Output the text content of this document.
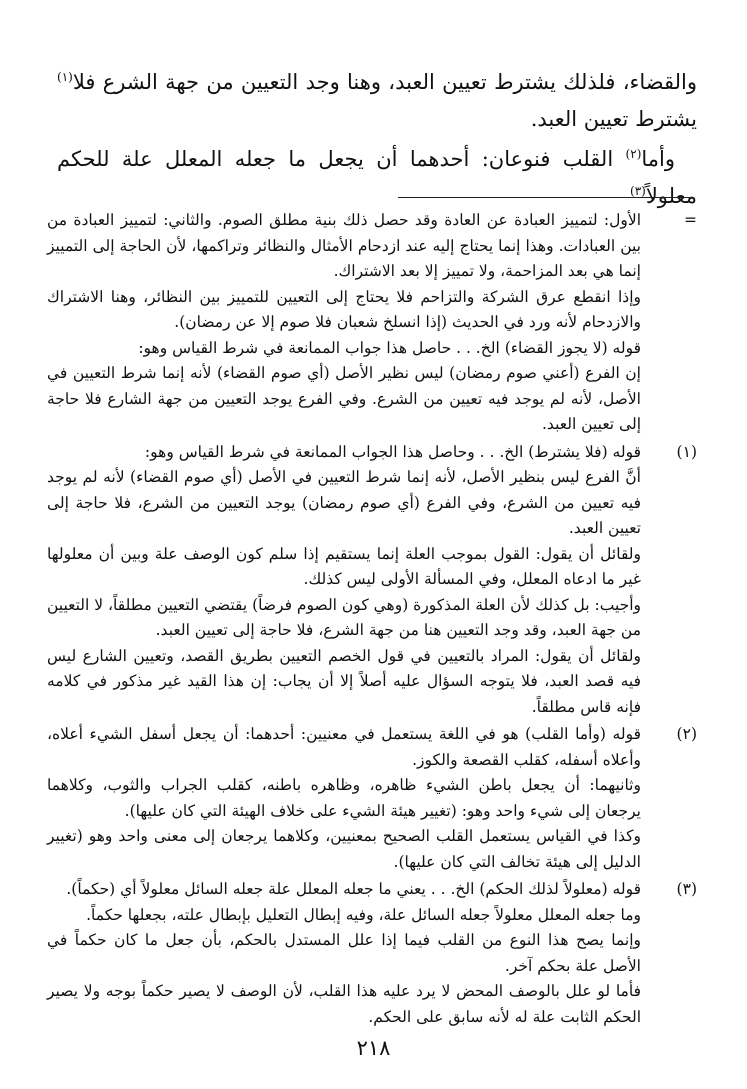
والقضاء، فلذلك يشترط تعيين العبد، وهنا وجد التعيين من جهة الشرع فلا$^{(١)}$ يشترط تعيين العبد.

وأما$^{(٢)}$ القلب فنوعان: أحدهما أن يجعل ما جعله المعلل علة للحكم معلولاً$^{(٣)}$

=

الأول: لتمييز العبادة عن العادة وقد حصل ذلك بنية مطلق الصوم. والثاني: لتمييز العبادة من بين العبادات. وهذا إنما يحتاج إليه عند ازدحام الأمثال والنظائر وتراكمها، لأن الحاجة إلى التمييز إنما هي بعد المزاحمة، ولا تمييز إلا بعد الاشتراك.

وإذا انقطع عرق الشركة والتزاحم فلا يحتاج إلى التعيين للتمييز بين النظائر، وهنا الاشتراك والازدحام لأنه ورد في الحديث (إذا انسلخ شعبان فلا صوم إلا عن رمضان).

قوله (لا يجوز القضاء) الخ. . . حاصل هذا جواب الممانعة في شرط القياس وهو:

إن الفرع (أعني صوم رمضان) ليس نظير الأصل (أي صوم القضاء) لأنه إنما شرط التعيين في الأصل، لأنه لم يوجد فيه تعيين من الشرع. وفي الفرع يوجد التعيين من جهة الشارع فلا حاجة إلى تعيين العبد.

(١)

قوله (فلا يشترط) الخ. . . وحاصل هذا الجواب الممانعة في شرط القياس وهو:

أنَّ الفرع ليس بنظير الأصل، لأنه إنما شرط التعيين في الأصل (أي صوم القضاء) لأنه لم يوجد فيه تعيين من الشرع، وفي الفرع (أي صوم رمضان) يوجد التعيين من الشرع، فلا حاجة إلى تعيين العبد.

ولقائل أن يقول: القول بموجب العلة إنما يستقيم إذا سلم كون الوصف علة وبين أن معلولها غير ما ادعاه المعلل، وفي المسألة الأولى ليس كذلك.

وأجيب: بل كذلك لأن العلة المذكورة (وهي كون الصوم فرضاً) يقتضي التعيين مطلقاً، لا التعيين من جهة العبد، وقد وجد التعيين هنا من جهة الشرع، فلا حاجة إلى تعيين العبد.

ولقائل أن يقول: المراد بالتعيين في قول الخصم التعيين بطريق القصد، وتعيين الشارع ليس فيه قصد العبد، فلا يتوجه السؤال عليه أصلاً إلا أن يجاب: إن هذا القيد غير مذكور في كلامه فإنه قاس مطلقاً.

(٢)

قوله (وأما القلب) هو في اللغة يستعمل في معنيين: أحدهما: أن يجعل أسفل الشيء أعلاه، وأعلاه أسفله، كقلب القصعة والكوز.

وثانيهما: أن يجعل باطن الشيء ظاهره، وظاهره باطنه، كقلب الجراب والثوب، وكلاهما يرجعان إلى شيء واحد وهو: (تغيير هيئة الشيء على خلاف الهيئة التي كان عليها).

وكذا في القياس يستعمل القلب الصحيح بمعنيين، وكلاهما يرجعان إلى معنى واحد وهو (تغيير الدليل إلى هيئة تخالف التي كان عليها).

(٣)

قوله (معلولاً لذلك الحكم) الخ. . . يعني ما جعله المعلل علة جعله السائل معلولاً أي (حكماً).

وما جعله المعلل معلولاً جعله السائل علة، وفيه إبطال التعليل بإبطال علته، بجعلها حكماً.

وإنما يصح هذا النوع من القلب فيما إذا علل المستدل بالحكم، بأن جعل ما كان حكماً في الأصل علة بحكم آخر.

فأما لو علل بالوصف المحض لا يرد عليه هذا القلب، لأن الوصف لا يصير حكماً بوجه ولا يصير الحكم الثابت علة له لأنه سابق على الحكم.

٢١٨
